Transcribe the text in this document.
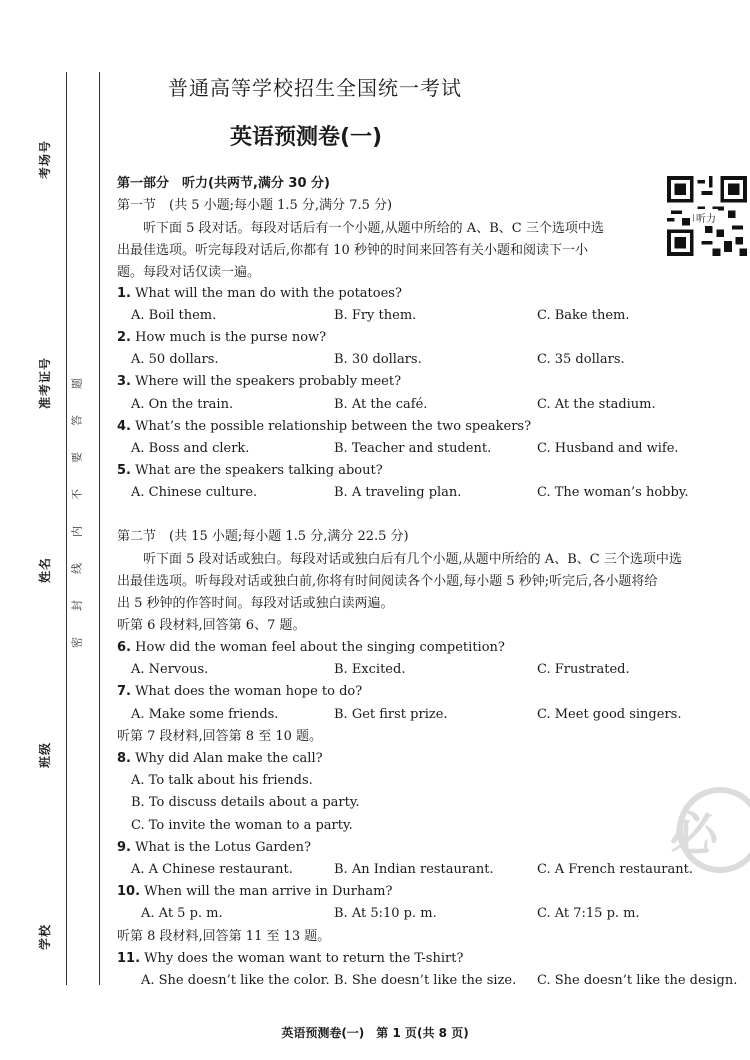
考场号
准考证号
姓名
班级
学校
题
答
要
不
内
线
封
密
普通高等学校招生全国统一考试
英语预测卷(一)
听力
第一部分　听力(共两节,满分 30 分)
第一节　(共 5 小题;每小题 1.5 分,满分 7.5 分)
听下面 5 段对话。每段对话后有一个小题,从题中所给的 A、B、C 三个选项中选
出最佳选项。听完每段对话后,你都有 10 秒钟的时间来回答有关小题和阅读下一小
题。每段对话仅读一遍。
1. What will the man do with the potatoes?
A. Boil them.	B. Fry them.	C. Bake them.
2. How much is the purse now?
A. 50 dollars.	B. 30 dollars.	C. 35 dollars.
3. Where will the speakers probably meet?
A. On the train.	B. At the café.	C. At the stadium.
4. What’s the possible relationship between the two speakers?
A. Boss and clerk.	B. Teacher and student.	C. Husband and wife.
5. What are the speakers talking about?
A. Chinese culture.	B. A traveling plan.	C. The woman’s hobby.
第二节　(共 15 小题;每小题 1.5 分,满分 22.5 分)
听下面 5 段对话或独白。每段对话或独白后有几个小题,从题中所给的 A、B、C 三个选项中选
出最佳选项。听每段对话或独白前,你将有时间阅读各个小题,每小题 5 秒钟;听完后,各小题将给
出 5 秒钟的作答时间。每段对话或独白读两遍。
听第 6 段材料,回答第 6、7 题。
6. How did the woman feel about the singing competition?
A. Nervous.	B. Excited.	C. Frustrated.
7. What does the woman hope to do?
A. Make some friends.	B. Get first prize.	C. Meet good singers.
听第 7 段材料,回答第 8 至 10 题。
8. Why did Alan make the call?
A. To talk about his friends.
B. To discuss details about a party.
C. To invite the woman to a party.
9. What is the Lotus Garden?
A. A Chinese restaurant.	B. An Indian restaurant.	C. A French restaurant.
10. When will the man arrive in Durham?
A. At 5 p. m.	B. At 5:10 p. m.	C. At 7:15 p. m.
听第 8 段材料,回答第 11 至 13 题。
11. Why does the woman want to return the T-shirt?
A. She doesn’t like the color. B. She doesn’t like the size. C. She doesn’t like the design.
必
英语预测卷(一) 第 1 页(共 8 页)
